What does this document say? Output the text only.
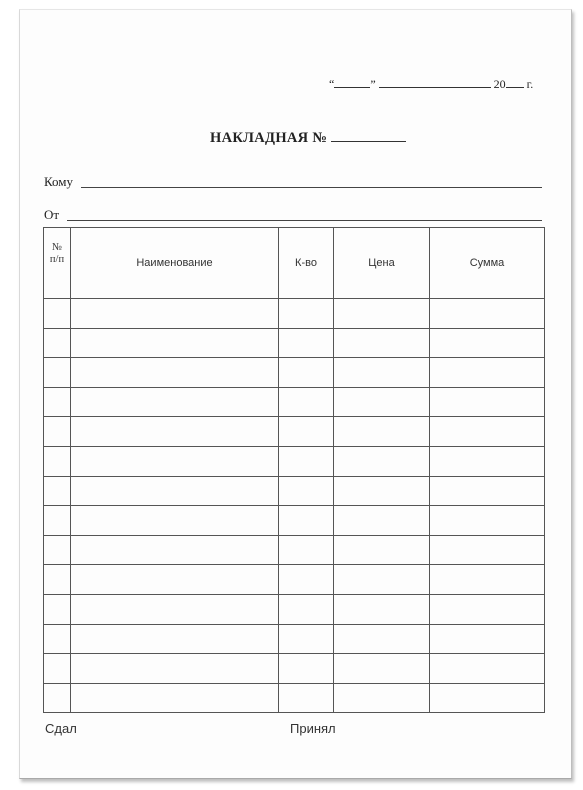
“	”	20 г.
НАКЛАДНАЯ №
Кому
От
№
п/п	Наименование	К-во	Цена	Сумма

Сдал	Принял
